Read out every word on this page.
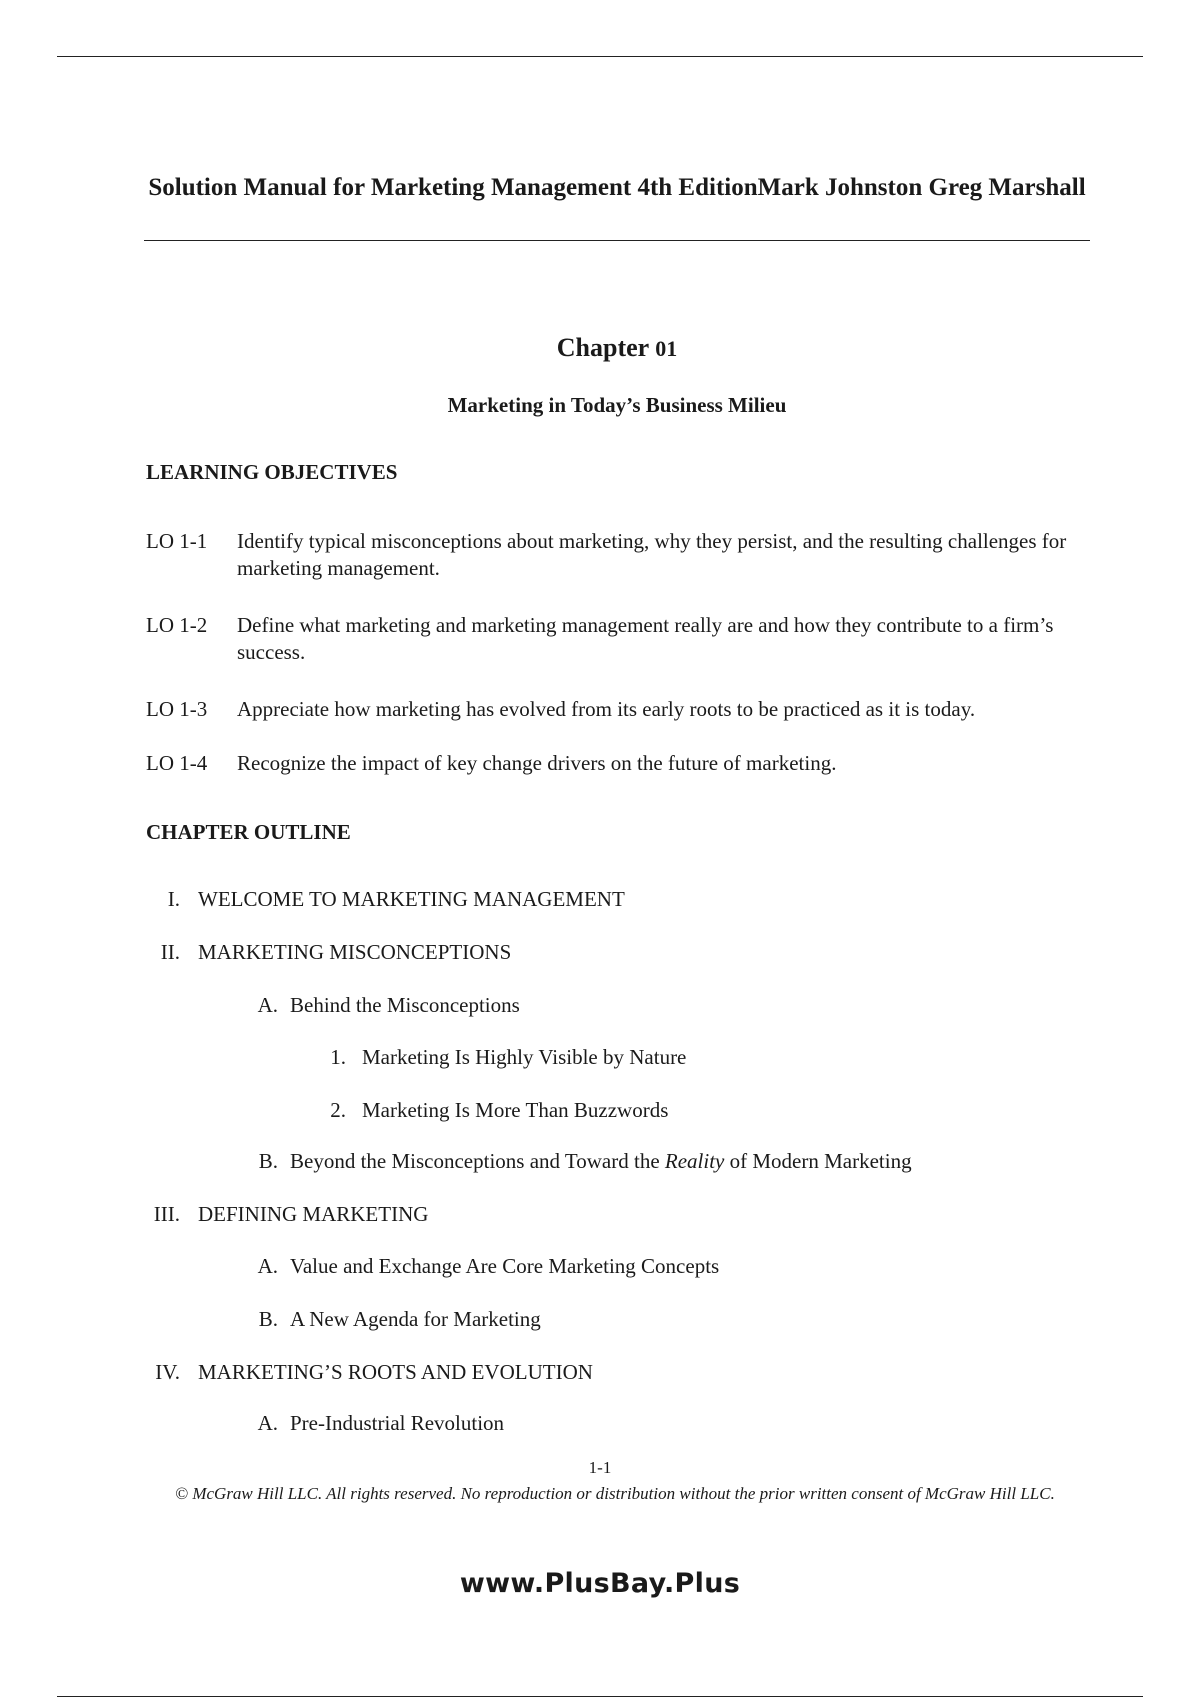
Solution Manual for Marketing Management 4th EditionMark Johnston Greg Marshall
Chapter 01
Marketing in Today’s Business Milieu
LEARNING OBJECTIVES
LO 1-1 Identify typical misconceptions about marketing, why they persist, and the resulting challenges for marketing management.
LO 1-2 Define what marketing and marketing management really are and how they contribute to a firm’s success.
LO 1-3 Appreciate how marketing has evolved from its early roots to be practiced as it is today.
LO 1-4 Recognize the impact of key change drivers on the future of marketing.
CHAPTER OUTLINE
I. WELCOME TO MARKETING MANAGEMENT
II. MARKETING MISCONCEPTIONS
A. Behind the Misconceptions
1. Marketing Is Highly Visible by Nature
2. Marketing Is More Than Buzzwords
B. Beyond the Misconceptions and Toward the Reality of Modern Marketing
III. DEFINING MARKETING
A. Value and Exchange Are Core Marketing Concepts
B. A New Agenda for Marketing
IV. MARKETING’S ROOTS AND EVOLUTION
A. Pre-Industrial Revolution
1-1
© McGraw Hill LLC. All rights reserved. No reproduction or distribution without the prior written consent of McGraw Hill LLC.
www.PlusBay.Plus
